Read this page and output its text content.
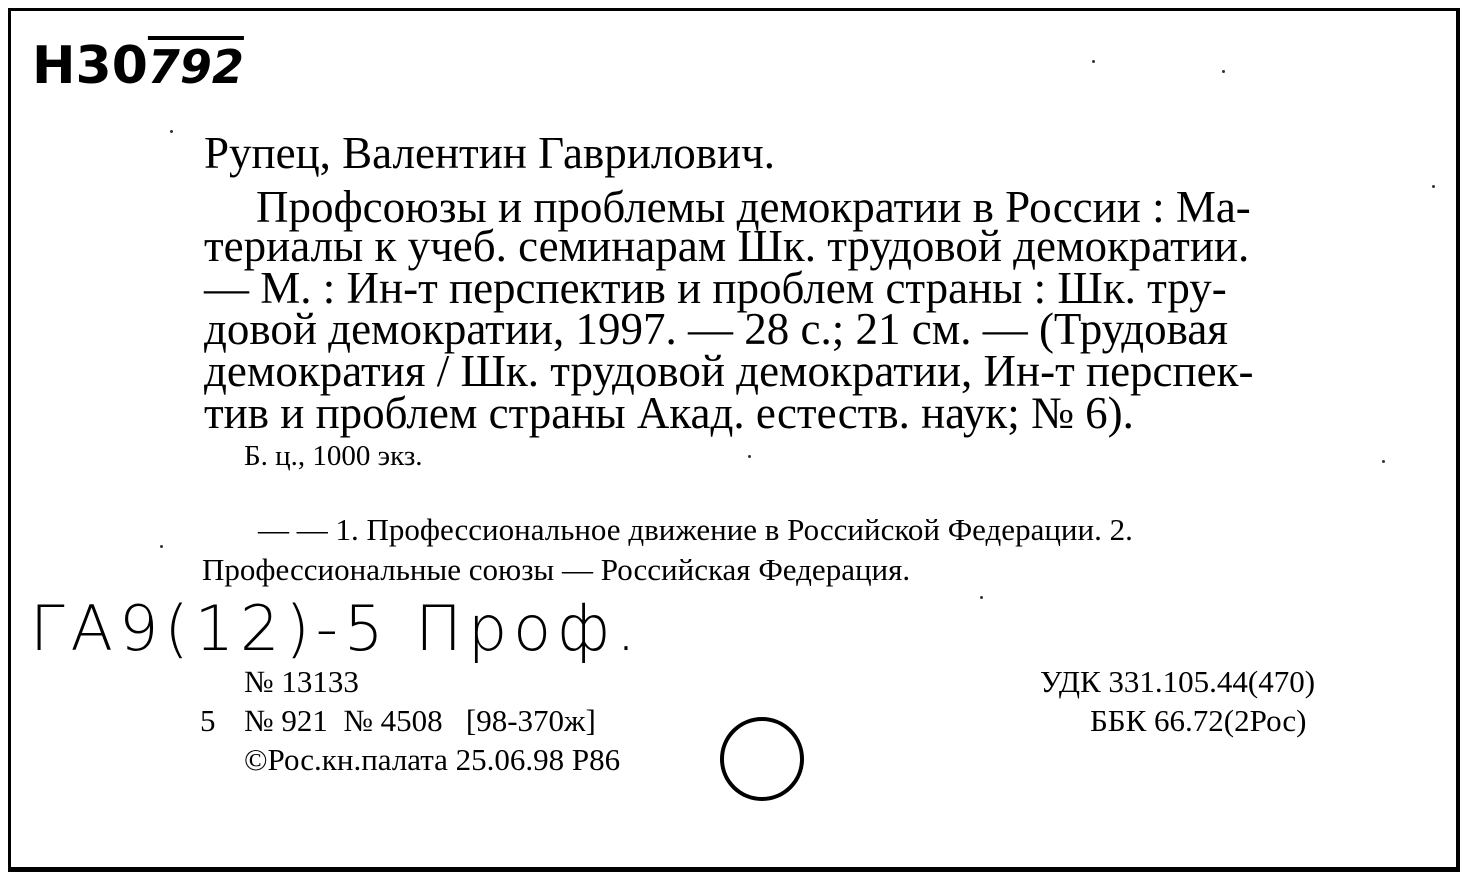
Н30792
Рупец, Валентин Гаврилович.
Профсоюзы и проблемы демократии в России : Ма-
териалы к учеб. семинарам Шк. трудовой демократии.
— М. : Ин-т перспектив и проблем страны : Шк. тру-
довой демократии, 1997. — 28 с.; 21 см. — (Трудовая
демократия / Шк. трудовой демократии, Ин-т перспек-
тив и проблем страны Акад. естеств. наук; № 6).
Б. ц., 1000 экз.
— — 1. Профессиональное движение в Российской Федерации. 2.
Профессиональные союзы — Российская Федерация.
ГА9(12)-5 Проф.
№ 13133
5 № 921  № 4508   [98-370ж]
©Рос.кн.палата 25.06.98 Р86
УДК 331.105.44(470)
ББК 66.72(2Рос)
